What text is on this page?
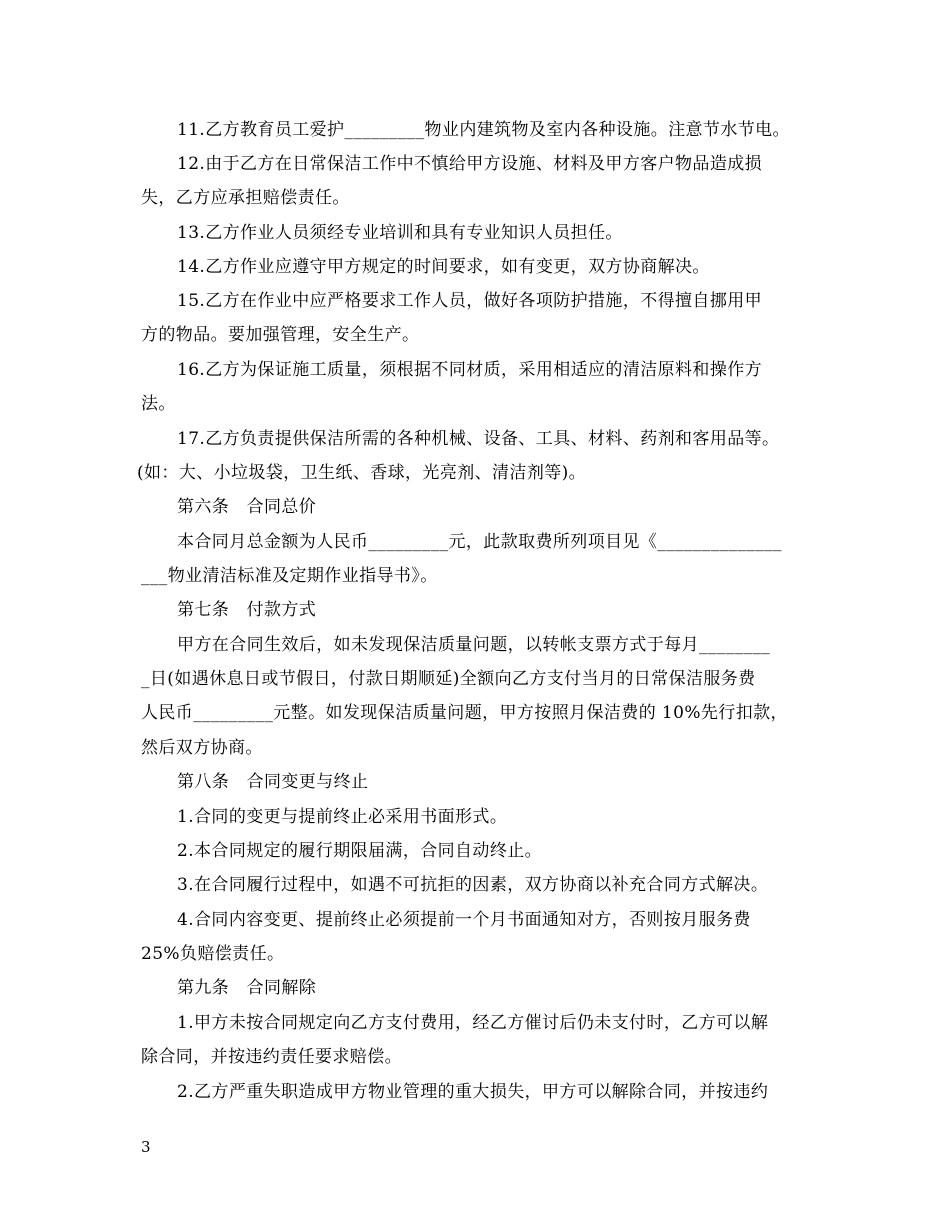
11.乙方教育员工爱护_________物业内建筑物及室内各种设施。注意节水节电。
12.由于乙方在日常保洁工作中不慎给甲方设施、材料及甲方客户物品造成损
失，乙方应承担赔偿责任。
13.乙方作业人员须经专业培训和具有专业知识人员担任。
14.乙方作业应遵守甲方规定的时间要求，如有变更，双方协商解决。
15.乙方在作业中应严格要求工作人员，做好各项防护措施，不得擅自挪用甲
方的物品。要加强管理，安全生产。
16.乙方为保证施工质量，须根据不同材质，采用相适应的清洁原料和操作方
法。
17.乙方负责提供保洁所需的各种机械、设备、工具、材料、药剂和客用品等。
(如：大、小垃圾袋，卫生纸、香球，光亮剂、清洁剂等)。
第六条　合同总价
本合同月总金额为人民币_________元，此款取费所列项目见《______________
___物业清洁标准及定期作业指导书》。
第七条　付款方式
甲方在合同生效后，如未发现保洁质量问题，以转帐支票方式于每月________
_日(如遇休息日或节假日，付款日期顺延)全额向乙方支付当月的日常保洁服务费
人民币_________元整。如发现保洁质量问题，甲方按照月保洁费的 10%先行扣款，
然后双方协商。
第八条　合同变更与终止
1.合同的变更与提前终止必采用书面形式。
2.本合同规定的履行期限届满，合同自动终止。
3.在合同履行过程中，如遇不可抗拒的因素，双方协商以补充合同方式解决。
4.合同内容变更、提前终止必须提前一个月书面通知对方，否则按月服务费
25%负赔偿责任。
第九条　合同解除
1.甲方未按合同规定向乙方支付费用，经乙方催讨后仍未支付时，乙方可以解
除合同，并按违约责任要求赔偿。
2.乙方严重失职造成甲方物业管理的重大损失，甲方可以解除合同，并按违约
3
